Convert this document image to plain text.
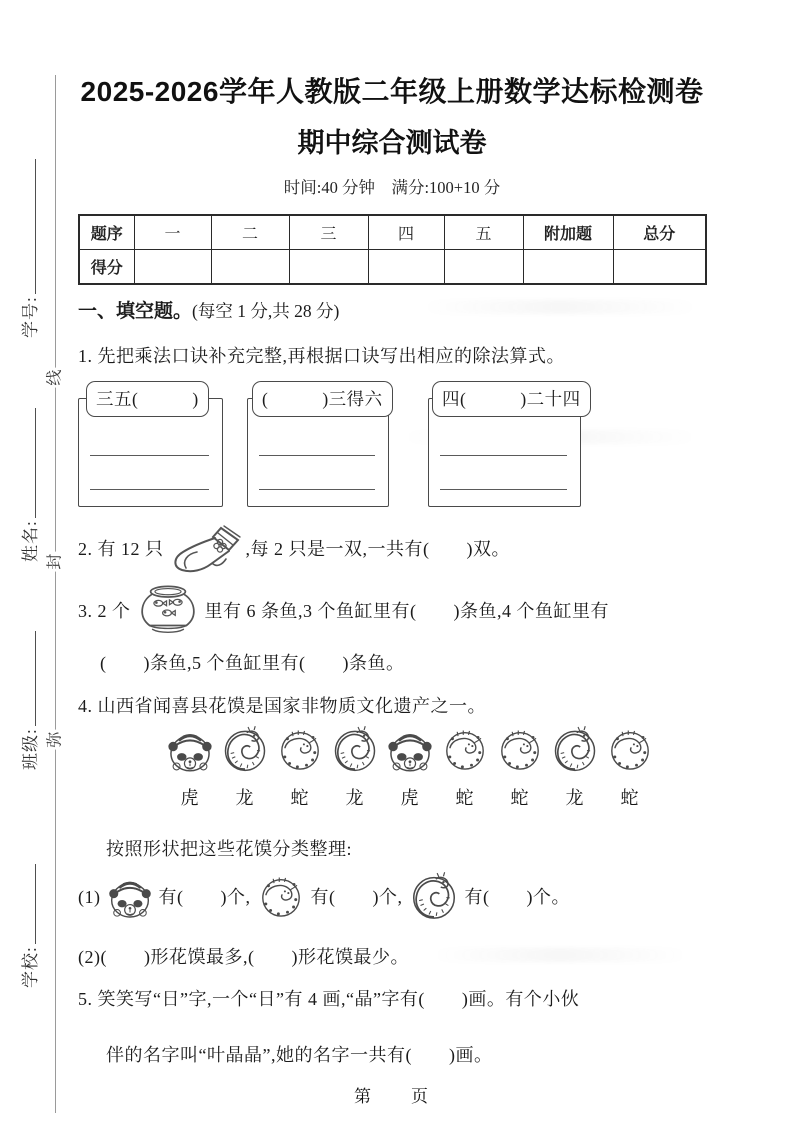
学号:
姓名:
班级:
学校:
线
封
弥
2025-2026学年人教版二年级上册数学达标检测卷
期中综合测试卷
时间:40 分钟　满分:100+10 分
题序	一	二	三	四	五	附加题	总分
得分							
一、填空题。(每空 1 分,共 28 分)
1. 先把乘法口诀补充完整,再根据口诀写出相应的除法算式。
三五(　　　)	(　　　)三得六	四(　　　)二十四
2. 有 12 只	,每 2 只是一双,一共有(　　)双。
3. 2 个	里有 6 条鱼,3 个鱼缸里有(　　)条鱼,4 个鱼缸里有
(　　)条鱼,5 个鱼缸里有(　　)条鱼。
4. 山西省闻喜县花馍是国家非物质文化遗产之一。
虎 龙 蛇 龙 虎 蛇 蛇 龙 蛇
按照形状把这些花馍分类整理:
(1)	有(　　)个,	有(　　)个,	有(　　)个。
(2)(　　)形花馍最多,(　　)形花馍最少。
5. 笑笑写“日”字,一个“日”有 4 画,“晶”字有(　　)画。有个小伙
伴的名字叫“叶晶晶”,她的名字一共有(　　)画。
第　　页
